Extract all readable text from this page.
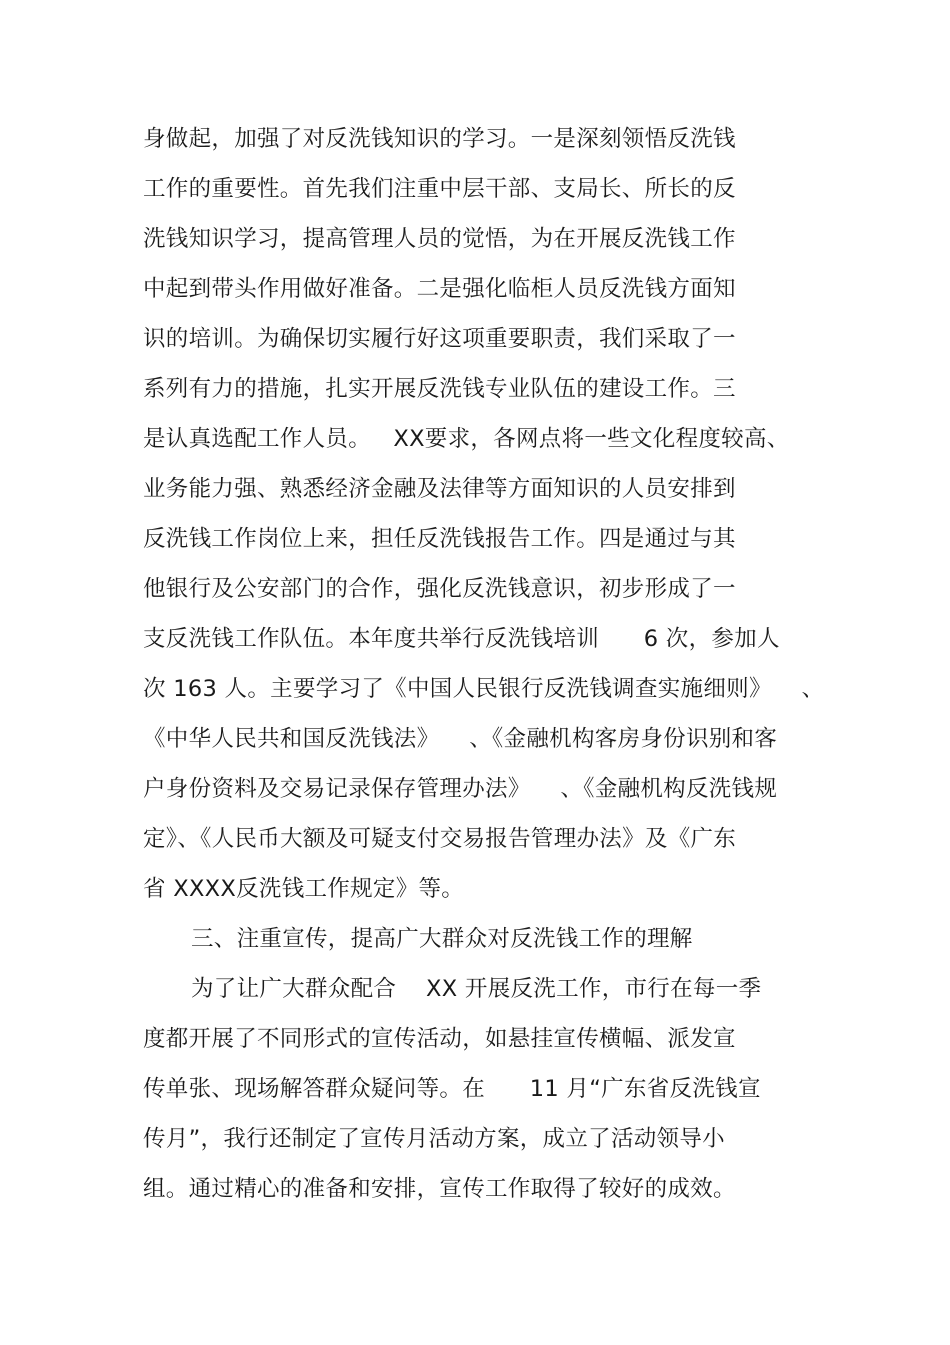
身做起，加强了对反洗钱知识的学习。一是深刻领悟反洗钱
工作的重要性。首先我们注重中层干部、支局长、所长的反
洗钱知识学习，提高管理人员的觉悟，为在开展反洗钱工作
中起到带头作用做好准备。二是强化临柜人员反洗钱方面知
识的培训。为确保切实履行好这项重要职责，我们采取了一
系列有力的措施，扎实开展反洗钱专业队伍的建设工作。三
是认真选配工作人员。   XX要求，各网点将一些文化程度较高、
业务能力强、熟悉经济金融及法律等方面知识的人员安排到
反洗钱工作岗位上来，担任反洗钱报告工作。四是通过与其
他银行及公安部门的合作，强化反洗钱意识，初步形成了一
支反洗钱工作队伍。本年度共举行反洗钱培训      6 次，参加人
次 163 人。主要学习了《中国人民银行反洗钱调查实施细则》    、
《中华人民共和国反洗钱法》    、《金融机构客房身份识别和客
户身份资料及交易记录保存管理办法》    、《金融机构反洗钱规
定》、《人民币大额及可疑支付交易报告管理办法》及《广东
省 XXXX反洗钱工作规定》等。
三、注重宣传，提高广大群众对反洗钱工作的理解
为了让广大群众配合    XX 开展反洗工作，市行在每一季
度都开展了不同形式的宣传活动，如悬挂宣传横幅、派发宣
传单张、现场解答群众疑问等。在      11 月“广东省反洗钱宣
传月”，我行还制定了宣传月活动方案，成立了活动领导小
组。通过精心的准备和安排，宣传工作取得了较好的成效。
